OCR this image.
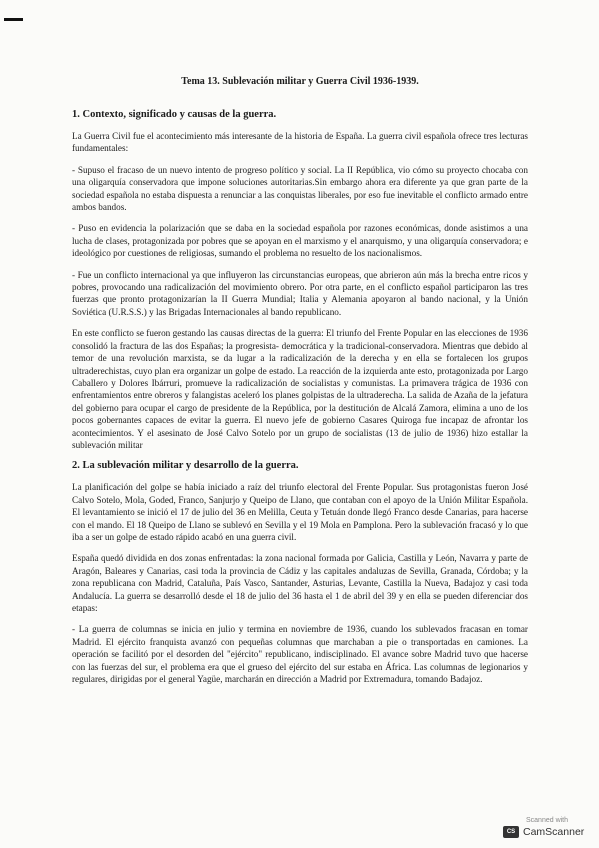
Tema 13. Sublevación militar y Guerra Civil 1936-1939.
1. Contexto, significado y causas de la guerra.
La Guerra Civil fue el acontecimiento más interesante de la historia de España. La guerra civil española ofrece tres lecturas fundamentales:
- Supuso el fracaso de un nuevo intento de progreso político y social. La II República, vio cómo su proyecto chocaba con una oligarquía conservadora que impone soluciones autoritarias.Sin embargo ahora era diferente ya que gran parte de la sociedad española no estaba dispuesta a renunciar a las conquistas liberales, por eso fue inevitable el conflicto armado entre ambos bandos.
- Puso en evidencia la polarización que se daba en la sociedad española por razones económicas, donde asistimos a una lucha de clases, protagonizada por pobres que se apoyan en el marxismo y el anarquismo, y una oligarquía conservadora; e ideológico por cuestiones de religiosas, sumando el problema no resuelto de los nacionalismos.
- Fue un conflicto internacional ya que influyeron las circunstancias europeas, que abrieron aún más la brecha entre ricos y pobres, provocando una radicalización del movimiento obrero. Por otra parte, en el conflicto español participaron las tres fuerzas que pronto protagonizarían la II Guerra Mundial; Italia y Alemania apoyaron al bando nacional, y la Unión Soviética (U.R.S.S.) y las Brigadas Internacionales al bando republicano.
En este conflicto se fueron gestando las causas directas de la guerra: El triunfo del Frente Popular en las elecciones de 1936 consolidó la fractura de las dos Españas; la progresista- democrática y la tradicional-conservadora. Mientras que debido al temor de una revolución marxista, se da lugar a la radicalización de la derecha y en ella se fortalecen los grupos ultraderechistas, cuyo plan era organizar un golpe de estado. La reacción de la izquierda ante esto, protagonizada por Largo Caballero y Dolores Ibárruri, promueve la radicalización de socialistas y comunistas. La primavera trágica de 1936 con enfrentamientos entre obreros y falangistas aceleró los planes golpistas de la ultraderecha. La salida de Azaña de la jefatura del gobierno para ocupar el cargo de presidente de la República, por la destitución de Alcalá Zamora, elimina a uno de los pocos gobernantes capaces de evitar la guerra. El nuevo jefe de gobierno Casares Quiroga fue incapaz de afrontar los acontecimientos. Y el asesinato de José Calvo Sotelo por un grupo de socialistas (13 de julio de 1936) hizo estallar la sublevación militar
2. La sublevación militar y desarrollo de la guerra.
La planificación del golpe se había iniciado a raíz del triunfo electoral del Frente Popular. Sus protagonistas fueron José Calvo Sotelo, Mola, Goded, Franco, Sanjurjo y Queipo de Llano, que contaban con el apoyo de la Unión Militar Española. El levantamiento se inició el 17 de julio del 36 en Melilla, Ceuta y Tetuán donde llegó Franco desde Canarias, para hacerse con el mando. El 18 Queipo de Llano se sublevó en Sevilla y el 19 Mola en Pamplona. Pero la sublevación fracasó y lo que iba a ser un golpe de estado rápido acabó en una guerra civil.
España quedó dividida en dos zonas enfrentadas: la zona nacional formada por Galicia, Castilla y León, Navarra y parte de Aragón, Baleares y Canarias, casi toda la provincia de Cádiz y las capitales andaluzas de Sevilla, Granada, Córdoba; y la zona republicana con Madrid, Cataluña, País Vasco, Santander, Asturias, Levante, Castilla la Nueva, Badajoz y casi toda Andalucía. La guerra se desarrolló desde el 18 de julio del 36 hasta el 1 de abril del 39 y en ella se pueden diferenciar dos etapas:
- La guerra de columnas se inicia en julio y termina en noviembre de 1936, cuando los sublevados fracasan en tomar Madrid. El ejército franquista avanzó con pequeñas columnas que marchaban a pie o transportadas en camiones. La operación se facilitó por el desorden del "ejército" republicano, indisciplinado. El avance sobre Madrid tuvo que hacerse con las fuerzas del sur, el problema era que el grueso del ejército del sur estaba en África. Las columnas de legionarios y regulares, dirigidas por el general Yagüe, marcharán en dirección a Madrid por Extremadura, tomando Badajoz.
Scanned with
CS CamScanner
